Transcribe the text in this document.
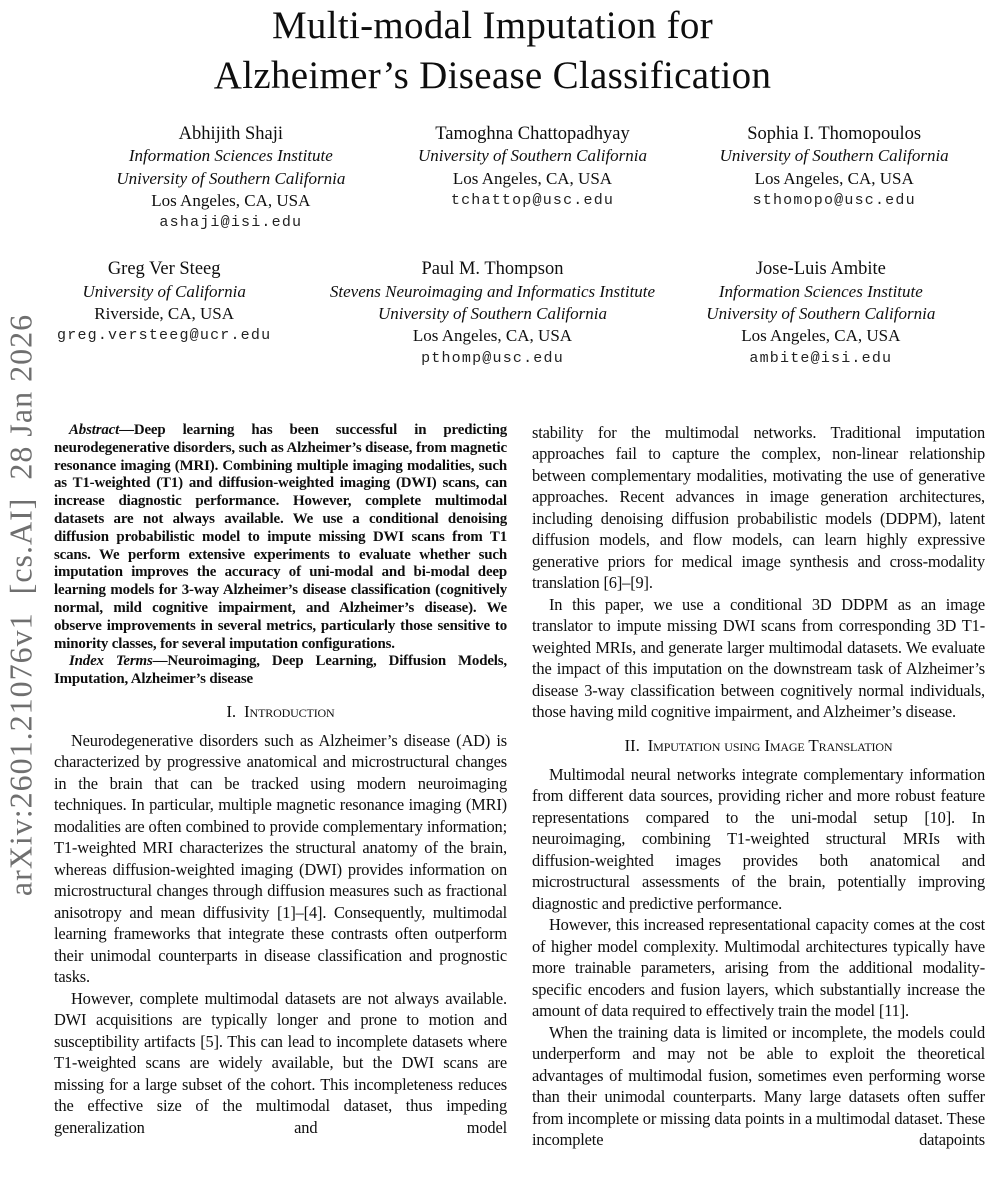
arXiv:2601.21076v1  [cs.AI]  28 Jan 2026
Multi-modal Imputation for
Alzheimer’s Disease Classification
Abhijith Shaji
Information Sciences Institute
University of Southern California
Los Angeles, CA, USA
ashaji@isi.edu
Tamoghna Chattopadhyay
University of Southern California
Los Angeles, CA, USA
tchattop@usc.edu
Sophia I. Thomopoulos
University of Southern California
Los Angeles, CA, USA
sthomopo@usc.edu
Greg Ver Steeg
University of California
Riverside, CA, USA
greg.versteeg@ucr.edu
Paul M. Thompson
Stevens Neuroimaging and Informatics Institute
University of Southern California
Los Angeles, CA, USA
pthomp@usc.edu
Jose-Luis Ambite
Information Sciences Institute
University of Southern California
Los Angeles, CA, USA
ambite@isi.edu

Abstract—Deep learning has been successful in predicting neurodegenerative disorders, such as Alzheimer’s disease, from magnetic resonance imaging (MRI). Combining multiple imaging modalities, such as T1-weighted (T1) and diffusion-weighted imaging (DWI) scans, can increase diagnostic performance. However, complete multimodal datasets are not always available. We use a conditional denoising diffusion probabilistic model to impute missing DWI scans from T1 scans. We perform extensive experiments to evaluate whether such imputation improves the accuracy of uni-modal and bi-modal deep learning models for 3-way Alzheimer’s disease classification (cognitively normal, mild cognitive impairment, and Alzheimer’s disease). We observe improvements in several metrics, particularly those sensitive to minority classes, for several imputation configurations.

Index Terms—Neuroimaging, Deep Learning, Diffusion Models, Imputation, Alzheimer’s disease

I. Introduction

Neurodegenerative disorders such as Alzheimer’s disease (AD) is characterized by progressive anatomical and microstructural changes in the brain that can be tracked using modern neuroimaging techniques. In particular, multiple magnetic resonance imaging (MRI) modalities are often combined to provide complementary information; T1-weighted MRI characterizes the structural anatomy of the brain, whereas diffusion-weighted imaging (DWI) provides information on microstructural changes through diffusion measures such as fractional anisotropy and mean diffusivity [1]–[4]. Consequently, multimodal learning frameworks that integrate these contrasts often outperform their unimodal counterparts in disease classification and prognostic tasks.

However, complete multimodal datasets are not always available. DWI acquisitions are typically longer and prone to motion and susceptibility artifacts [5]. This can lead to incomplete datasets where T1-weighted scans are widely available, but the DWI scans are missing for a large subset of the cohort. This incompleteness reduces the effective size of the multimodal dataset, thus impeding generalization and model

stability for the multimodal networks. Traditional imputation approaches fail to capture the complex, non-linear relationship between complementary modalities, motivating the use of generative approaches. Recent advances in image generation architectures, including denoising diffusion probabilistic models (DDPM), latent diffusion models, and flow models, can learn highly expressive generative priors for medical image synthesis and cross-modality translation [6]–[9].

In this paper, we use a conditional 3D DDPM as an image translator to impute missing DWI scans from corresponding 3D T1-weighted MRIs, and generate larger multimodal datasets. We evaluate the impact of this imputation on the downstream task of Alzheimer’s disease 3-way classification between cognitively normal individuals, those having mild cognitive impairment, and Alzheimer’s disease.

II. Imputation using Image Translation

Multimodal neural networks integrate complementary information from different data sources, providing richer and more robust feature representations compared to the uni-modal setup [10]. In neuroimaging, combining T1-weighted structural MRIs with diffusion-weighted images provides both anatomical and microstructural assessments of the brain, potentially improving diagnostic and predictive performance.

However, this increased representational capacity comes at the cost of higher model complexity. Multimodal architectures typically have more trainable parameters, arising from the additional modality-specific encoders and fusion layers, which substantially increase the amount of data required to effectively train the model [11].

When the training data is limited or incomplete, the models could underperform and may not be able to exploit the theoretical advantages of multimodal fusion, sometimes even performing worse than their unimodal counterparts. Many large datasets often suffer from incomplete or missing data points in a multimodal dataset. These incomplete datapoints
